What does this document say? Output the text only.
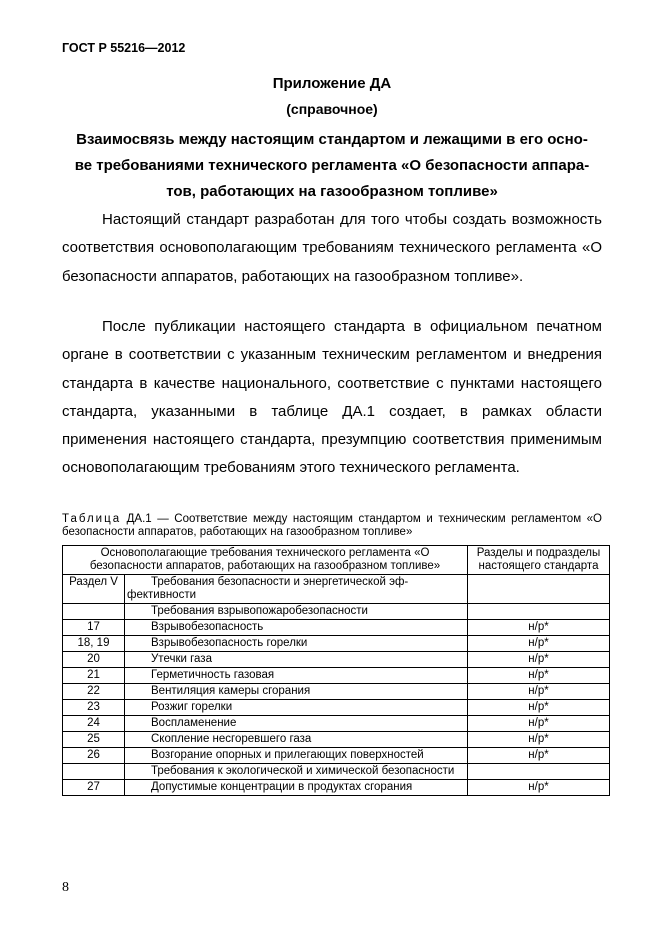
ГОСТ Р 55216—2012
Приложение ДА
(справочное)
Взаимосвязь между настоящим стандартом и лежащими в его осно-
ве требованиями технического регламента «О безопасности аппара-
тов, работающих на газообразном топливе»
Настоящий стандарт разработан для того чтобы создать возможность соответствия основополагающим требованиям технического регламента «О безопасности аппаратов, работающих на газообразном топливе».
После публикации настоящего стандарта в официальном печатном органе в соответствии с указанным техническим регламентом и внедрения стандарта в качестве национального, соответствие с пунктами настоящего стандарта, указанными в таблице ДА.1 создает, в рамках области применения настоящего стандарта, презумпцию соответствия применимым основополагающим требованиям этого технического регламента.
Таблица ДА.1 — Соответствие между настоящим стандартом и техническим регламентом «О безопасности аппаратов, работающих на газообразном топливе»
Основополагающие требования технического регламента «О безопасности аппаратов, работающих на газообразном топливе»		Разделы и подразделы настоящего стандарта
Раздел V	Требования безопасности и энергетической эффективности	
	Требования взрывопожаробезопасности	
17	Взрывобезопасность	н/р*
18, 19	Взрывобезопасность горелки	н/р*
20	Утечки газа	н/р*
21	Герметичность газовая	н/р*
22	Вентиляция камеры сгорания	н/р*
23	Розжиг горелки	н/р*
24	Воспламенение	н/р*
25	Скопление несгоревшего газа	н/р*
26	Возгорание опорных и прилегающих поверхностей	н/р*
	Требования к экологической и химической безопасности	
27	Допустимые концентрации в продуктах сгорания	н/р*
8
